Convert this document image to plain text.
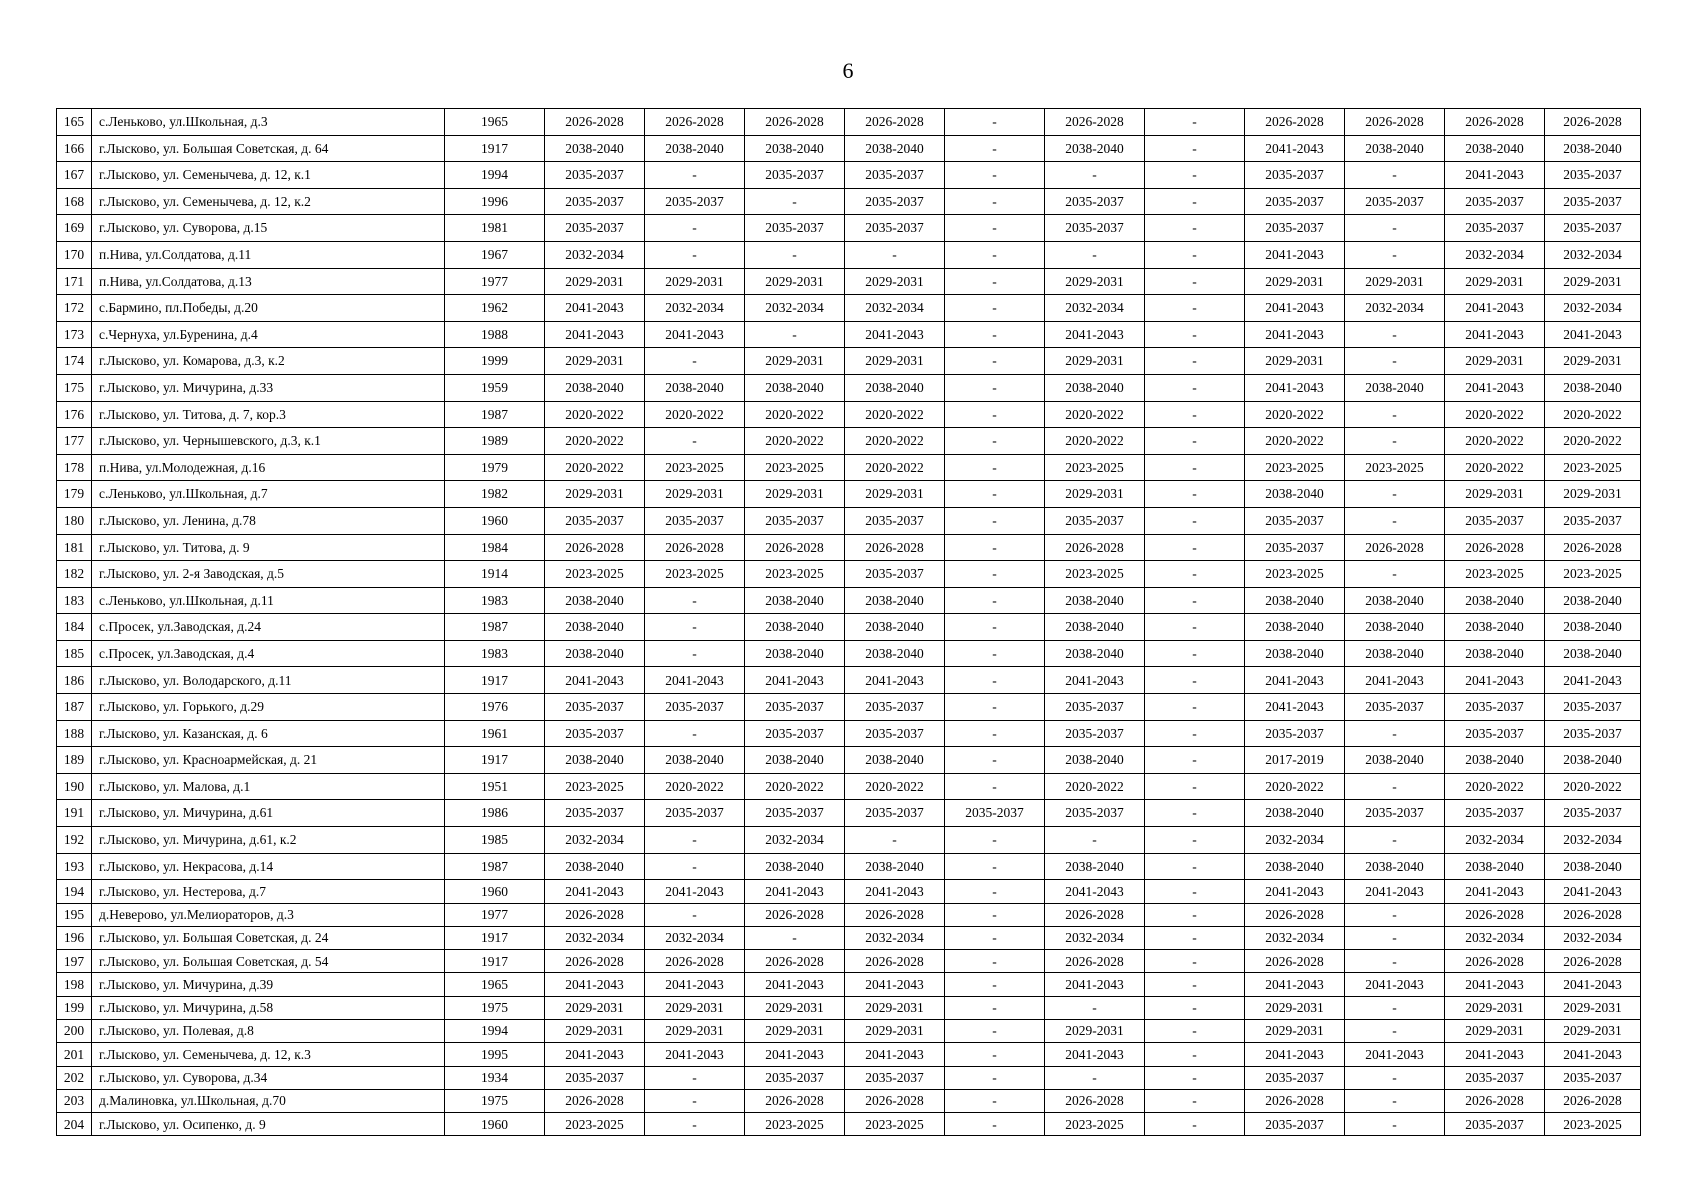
6
165	с.Леньково, ул.Школьная, д.3	1965	2026-2028	2026-2028	2026-2028	2026-2028	-	2026-2028	-	2026-2028	2026-2028	2026-2028	2026-2028
166	г.Лысково, ул. Большая Советская, д. 64	1917	2038-2040	2038-2040	2038-2040	2038-2040	-	2038-2040	-	2041-2043	2038-2040	2038-2040	2038-2040
167	г.Лысково, ул. Семенычева, д. 12, к.1	1994	2035-2037	-	2035-2037	2035-2037	-	-	-	2035-2037	-	2041-2043	2035-2037
168	г.Лысково, ул. Семенычева, д. 12, к.2	1996	2035-2037	2035-2037	-	2035-2037	-	2035-2037	-	2035-2037	2035-2037	2035-2037	2035-2037
169	г.Лысково, ул. Суворова, д.15	1981	2035-2037	-	2035-2037	2035-2037	-	2035-2037	-	2035-2037	-	2035-2037	2035-2037
170	п.Нива, ул.Солдатова, д.11	1967	2032-2034	-	-	-	-	-	-	2041-2043	-	2032-2034	2032-2034
171	п.Нива, ул.Солдатова, д.13	1977	2029-2031	2029-2031	2029-2031	2029-2031	-	2029-2031	-	2029-2031	2029-2031	2029-2031	2029-2031
172	с.Бармино, пл.Победы, д.20	1962	2041-2043	2032-2034	2032-2034	2032-2034	-	2032-2034	-	2041-2043	2032-2034	2041-2043	2032-2034
173	с.Чернуха, ул.Буренина, д.4	1988	2041-2043	2041-2043	-	2041-2043	-	2041-2043	-	2041-2043	-	2041-2043	2041-2043
174	г.Лысково, ул. Комарова, д.3, к.2	1999	2029-2031	-	2029-2031	2029-2031	-	2029-2031	-	2029-2031	-	2029-2031	2029-2031
175	г.Лысково, ул. Мичурина, д.33	1959	2038-2040	2038-2040	2038-2040	2038-2040	-	2038-2040	-	2041-2043	2038-2040	2041-2043	2038-2040
176	г.Лысково, ул. Титова, д. 7, кор.3	1987	2020-2022	2020-2022	2020-2022	2020-2022	-	2020-2022	-	2020-2022	-	2020-2022	2020-2022
177	г.Лысково, ул. Чернышевского, д.3, к.1	1989	2020-2022	-	2020-2022	2020-2022	-	2020-2022	-	2020-2022	-	2020-2022	2020-2022
178	п.Нива, ул.Молодежная, д.16	1979	2020-2022	2023-2025	2023-2025	2020-2022	-	2023-2025	-	2023-2025	2023-2025	2020-2022	2023-2025
179	с.Леньково, ул.Школьная, д.7	1982	2029-2031	2029-2031	2029-2031	2029-2031	-	2029-2031	-	2038-2040	-	2029-2031	2029-2031
180	г.Лысково, ул. Ленина, д.78	1960	2035-2037	2035-2037	2035-2037	2035-2037	-	2035-2037	-	2035-2037	-	2035-2037	2035-2037
181	г.Лысково, ул. Титова, д. 9	1984	2026-2028	2026-2028	2026-2028	2026-2028	-	2026-2028	-	2035-2037	2026-2028	2026-2028	2026-2028
182	г.Лысково, ул. 2-я Заводская, д.5	1914	2023-2025	2023-2025	2023-2025	2035-2037	-	2023-2025	-	2023-2025	-	2023-2025	2023-2025
183	с.Леньково, ул.Школьная, д.11	1983	2038-2040	-	2038-2040	2038-2040	-	2038-2040	-	2038-2040	2038-2040	2038-2040	2038-2040
184	с.Просек, ул.Заводская, д.24	1987	2038-2040	-	2038-2040	2038-2040	-	2038-2040	-	2038-2040	2038-2040	2038-2040	2038-2040
185	с.Просек, ул.Заводская, д.4	1983	2038-2040	-	2038-2040	2038-2040	-	2038-2040	-	2038-2040	2038-2040	2038-2040	2038-2040
186	г.Лысково, ул. Володарского, д.11	1917	2041-2043	2041-2043	2041-2043	2041-2043	-	2041-2043	-	2041-2043	2041-2043	2041-2043	2041-2043
187	г.Лысково, ул. Горького, д.29	1976	2035-2037	2035-2037	2035-2037	2035-2037	-	2035-2037	-	2041-2043	2035-2037	2035-2037	2035-2037
188	г.Лысково, ул. Казанская, д. 6	1961	2035-2037	-	2035-2037	2035-2037	-	2035-2037	-	2035-2037	-	2035-2037	2035-2037
189	г.Лысково, ул. Красноармейская, д. 21	1917	2038-2040	2038-2040	2038-2040	2038-2040	-	2038-2040	-	2017-2019	2038-2040	2038-2040	2038-2040
190	г.Лысково, ул. Малова, д.1	1951	2023-2025	2020-2022	2020-2022	2020-2022	-	2020-2022	-	2020-2022	-	2020-2022	2020-2022
191	г.Лысково, ул. Мичурина, д.61	1986	2035-2037	2035-2037	2035-2037	2035-2037	2035-2037	2035-2037	-	2038-2040	2035-2037	2035-2037	2035-2037
192	г.Лысково, ул. Мичурина, д.61, к.2	1985	2032-2034	-	2032-2034	-	-	-	-	2032-2034	-	2032-2034	2032-2034
193	г.Лысково, ул. Некрасова, д.14	1987	2038-2040	-	2038-2040	2038-2040	-	2038-2040	-	2038-2040	2038-2040	2038-2040	2038-2040
194	г.Лысково, ул. Нестерова, д.7	1960	2041-2043	2041-2043	2041-2043	2041-2043	-	2041-2043	-	2041-2043	2041-2043	2041-2043	2041-2043
195	д.Неверово, ул.Мелиораторов, д.3	1977	2026-2028	-	2026-2028	2026-2028	-	2026-2028	-	2026-2028	-	2026-2028	2026-2028
196	г.Лысково, ул. Большая Советская, д. 24	1917	2032-2034	2032-2034	-	2032-2034	-	2032-2034	-	2032-2034	-	2032-2034	2032-2034
197	г.Лысково, ул. Большая Советская, д. 54	1917	2026-2028	2026-2028	2026-2028	2026-2028	-	2026-2028	-	2026-2028	-	2026-2028	2026-2028
198	г.Лысково, ул. Мичурина, д.39	1965	2041-2043	2041-2043	2041-2043	2041-2043	-	2041-2043	-	2041-2043	2041-2043	2041-2043	2041-2043
199	г.Лысково, ул. Мичурина, д.58	1975	2029-2031	2029-2031	2029-2031	2029-2031	-	-	-	2029-2031	-	2029-2031	2029-2031
200	г.Лысково, ул. Полевая, д.8	1994	2029-2031	2029-2031	2029-2031	2029-2031	-	2029-2031	-	2029-2031	-	2029-2031	2029-2031
201	г.Лысково, ул. Семенычева, д. 12, к.3	1995	2041-2043	2041-2043	2041-2043	2041-2043	-	2041-2043	-	2041-2043	2041-2043	2041-2043	2041-2043
202	г.Лысково, ул. Суворова, д.34	1934	2035-2037	-	2035-2037	2035-2037	-	-	-	2035-2037	-	2035-2037	2035-2037
203	д.Малиновка, ул.Школьная, д.70	1975	2026-2028	-	2026-2028	2026-2028	-	2026-2028	-	2026-2028	-	2026-2028	2026-2028
204	г.Лысково, ул. Осипенко, д. 9	1960	2023-2025	-	2023-2025	2023-2025	-	2023-2025	-	2035-2037	-	2035-2037	2023-2025
